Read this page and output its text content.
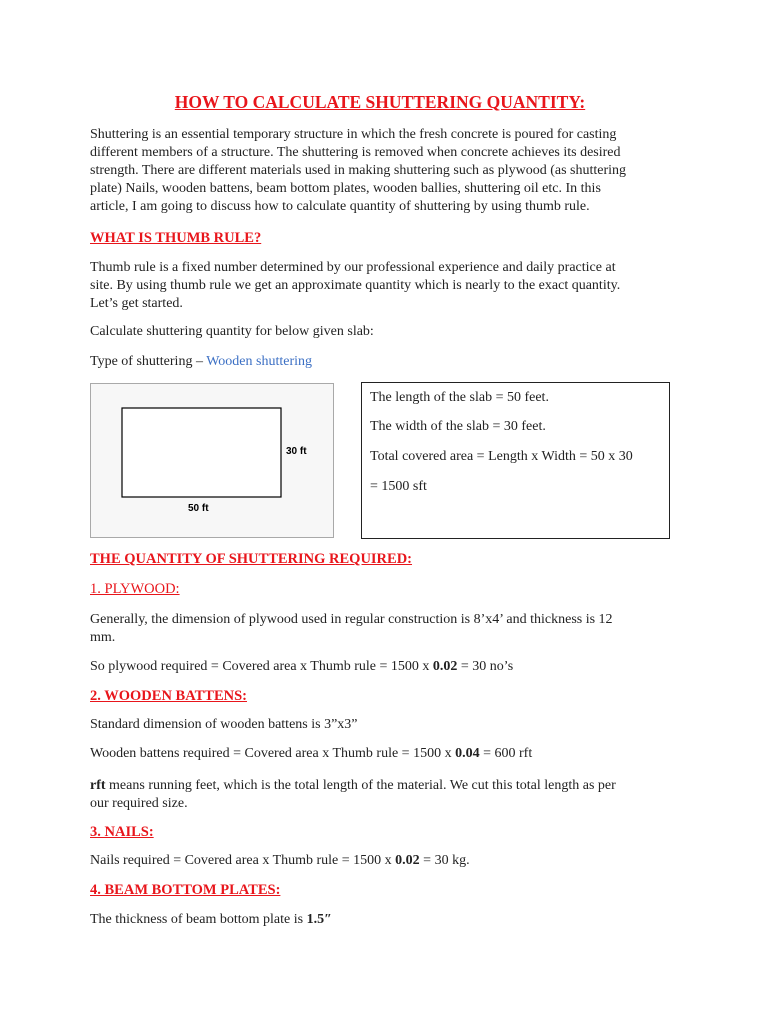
HOW TO CALCULATE SHUTTERING QUANTITY:
Shuttering is an essential temporary structure in which the fresh concrete is poured for casting
different members of a structure. The shuttering is removed when concrete achieves its desired
strength. There are different materials used in making shuttering such as plywood (as shuttering
plate) Nails, wooden battens, beam bottom plates, wooden ballies, shuttering oil etc. In this
article, I am going to discuss how to calculate quantity of shuttering by using thumb rule.
WHAT IS THUMB RULE?
Thumb rule is a fixed number determined by our professional experience and daily practice at
site. By using thumb rule we get an approximate quantity which is nearly to the exact quantity.
Let’s get started.
Calculate shuttering quantity for below given slab:
Type of shuttering – Wooden shuttering
30 ft
50 ft
The length of the slab = 50 feet.
The width of the slab = 30 feet.
Total covered area = Length x Width = 50 x 30
= 1500 sft
THE QUANTITY OF SHUTTERING REQUIRED:
1. PLYWOOD:
Generally, the dimension of plywood used in regular construction is 8’x4’ and thickness is 12
mm.
So plywood required = Covered area x Thumb rule = 1500 x 0.02 = 30 no’s
2. WOODEN BATTENS:
Standard dimension of wooden battens is 3”x3”
Wooden battens required = Covered area x Thumb rule = 1500 x 0.04 = 600 rft
rft means running feet, which is the total length of the material. We cut this total length as per
our required size.
3. NAILS:
Nails required = Covered area x Thumb rule = 1500 x 0.02 = 30 kg.
4. BEAM BOTTOM PLATES:
The thickness of beam bottom plate is 1.5″
